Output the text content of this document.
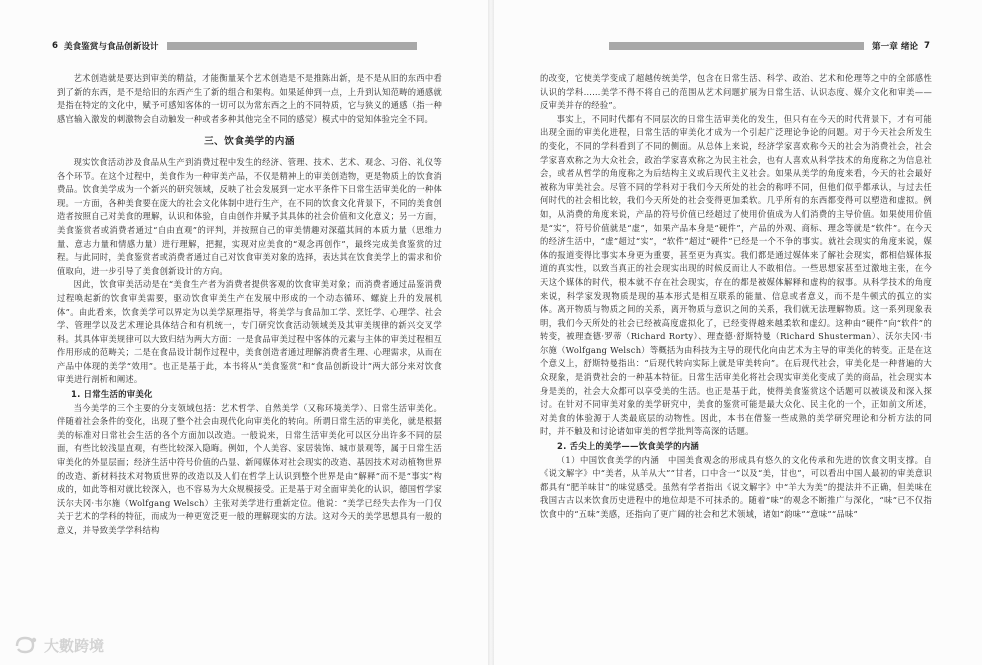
6 美食鉴赏与食品创新设计

艺术创造就是要达到审美的精益，才能衡量某个艺术创造是不是推陈出新，是不是从旧的东西中看到了新的东西，是不是给旧的东西产生了新的组合和架构。如果延伸到一点，上升到认知范畴的通感就是指在特定的文化中，赋予可感知客体的一切可以为常东西之上的不同特质，它与狭义的通感（指一种感官输入激发的刺激物会自动触发一种或者多种其他完全不同的感觉）模式中的觉知体验完全不同。

三、饮食美学的内涵

现实饮食活动涉及食品从生产到消费过程中发生的经济、管理、技术、艺术、观念、习俗、礼仪等各个环节。在这个过程中，美食作为一种审美产品，不仅是精神上的审美创造物，更是物质上的饮食消费品。饮食美学成为一个新兴的研究领域，反映了社会发展到一定水平条件下日常生活审美化的一种体现。一方面，各种美食要在庞大的社会文化体制中进行生产，在不同的饮食文化背景下，不同的美食创造者按照自己对美食的理解，认识和体验，自由创作并赋予其具体的社会价值和文化意义；另一方面，美食鉴赏者或消费者通过“自由直观”的评判，并按照自己的审美情趣对深蕴其间的本质力量（思维力量、意志力量和情感力量）进行理解，把握，实现对应美食的“观念再创作”，最终完成美食鉴赏的过程。与此同时，美食鉴赏者或消费者通过自己对饮食审美对象的选择，表达其在饮食美学上的需求和价值取向，进一步引导了美食创新设计的方向。

因此，饮食审美活动是在“美食生产者为消费者提供客观的饮食审美对象；而消费者通过品鉴消费过程唤起新的饮食审美需要，驱动饮食审美生产在发展中形成的一个动态循环、螺旋上升的发展机体”。由此看来，饮食美学可以界定为以美学原理指导，将美学与食品加工学、烹饪学、心理学、社会学、管理学以及艺术理论具体结合和有机统一，专门研究饮食活动领域美及其审美规律的新兴交叉学科。其具体审美规律可以大致归结为两大方面：一是食品审美过程中客体的元素与主体的审美过程相互作用形成的范畴关；二是在食品设计制作过程中，美食创造者通过理解消费者生理、心理需求，从而在产品中体现的美学“效用”。也正是基于此，本书将从“美食鉴赏”和“食品创新设计”两大部分来对饮食审美进行剖析和阐述。

1. 日常生活的审美化

当今美学的三个主要的分支领域包括：艺术哲学、自然美学（又称环境美学）、日常生活审美化。伴随着社会条件的变化，出现了整个社会由现代化向审美化的转向。所谓日常生活的审美化，就是根据美的标准对日常社会生活的各个方面加以改造。一般说来，日常生活审美化可以区分出许多不同的层面，有些比较浅显直观，有些比较深入隐晦。例如，个人美容、家居装饰、城市景观等，属于日常生活审美化的外显层面；经济生活中符号价值的凸显、新闻媒体对社会现实的改造、基因技术对动植物世界的改造、新材料技术对物质世界的改造以及人们在哲学上认识到整个世界是由“解释”而不是“事实”构成的，如此等相对就比较深入，也不容易为大众规模接受。正是基于对全面审美化的认识，德国哲学家沃尔夫冈·韦尔施（Wolfgang Welsch）主张对美学进行重新定位。他说：“美学已经失去作为一门仅关于艺术的学科的特征，而成为一种更宽泛更一般的理解现实的方法。这对今天的美学思想具有一般的意义，并导致美学学科结构

第一章 绪论 7

的改变，它使美学变成了超越传统美学，包含在日常生活、科学、政治、艺术和伦理等之中的全部感性认识的学科……美学不得不将自己的范围从艺术问题扩展为日常生活、认识态度、媒介文化和审美——反审美并存的经验”。

事实上，不同时代都有不同层次的日常生活审美化的发生，但只有在今天的时代背景下，才有可能出现全面的审美化进程，日常生活的审美化才成为一个引起广泛理论争论的问题。对于今天社会所发生的变化，不同的学科看到了不同的侧面。从总体上来说，经济学家喜欢称今天的社会为消费社会，社会学家喜欢称之为大众社会，政治学家喜欢称之为民主社会，也有人喜欢从科学技术的角度称之为信息社会，或者从哲学的角度称之为后结构主义或后现代主义社会。如果从美学的角度来看，今天的社会最好被称为审美社会。尽管不同的学科对于我们今天所处的社会的称呼不同，但他们似乎都承认，与过去任何时代的社会相比较，我们今天所处的社会变得更加柔软。几乎所有的东西都变得可以塑造和虚拟。例如，从消费的角度来说，产品的符号价值已经超过了使用价值成为人们消费的主导价值。如果使用价值是“实”，符号价值就是“虚”，如果产品本身是“硬件”，产品的外观、商标、理念等就是“软件”。在今天的经济生活中，“虚”超过“实”，“软件”超过“硬件”已经是一个不争的事实。就社会现实的角度来说，媒体的报道变得比事实本身更为重要，甚至更为真实。我们都是通过媒体来了解社会现实，都相信媒体报道的真实性，以致当真正的社会现实出现的时候反而让人不敢相信。一些思想家甚至过激地主张，在今天这个媒体的时代，根本就不存在社会现实，存在的都是被媒体解释和虚构的叙事。从科学技术的角度来说，科学家发现物质是现的基本形式是相互联系的能量、信息或者意义，而不是牛顿式的孤立的实体。离开物质与物质之间的关系，离开物质与意识之间的关系，我们就无法理解物质。这一系列现象表明，我们今天所处的社会已经被高度虚拟化了，已经变得越来越柔软和虚幻。这种由“硬件”向“软件”的转变，被理查德·罗蒂（Richard Rorty）、理查德·舒斯特曼（Richard Shusterman）、沃尔夫冈·韦尔施（Wolfgang Welsch）等概括为由科技为主导的现代化向由艺术为主导的审美化的转变。正是在这个意义上，舒斯特曼指出：“后现代转向实际上就是审美转向”。在后现代社会，审美化是一种普遍的大众现象，是消费社会的一种基本特征。日常生活审美化将社会现实审美化变成了美的商品，社会现实本身是美的，社会大众都可以享受美的生活。也正是基于此，使得美食鉴赏这个话题可以被谈及和深入探讨。在针对不同审美对象的美学研究中，美食的鉴赏可能是最大众化、民主化的一个，正如前文所述，对美食的体验源于人类最底层的动物性。因此，本书在借鉴一些成熟的美学研究理论和分析方法的同时，并不触及和讨论诸如审美的哲学批判等高深的话题。

2. 舌尖上的美学——饮食美学的内涵

（1）中国饮食美学的内涵　中国美食观念的形成具有悠久的文化传承和先进的饮食文明支撑。自《说文解字》中“美者，从羊从大”“甘者，口中含一”以及“美，甘也”，可以看出中国人最初的审美意识都具有“肥羊味甘”的味觉感受。虽然有学者指出《说文解字》中“羊大为美”的提法并不正确，但美味在我国古古以来饮食历史进程中的地位却是不可抹杀的。随着“味”的观念不断推广与深化，“味”已不仅指饮食中的“五味”美感，还指向了更广阔的社会和艺术领域，诸如“韵味”“意味”“品味”

大數跨境
